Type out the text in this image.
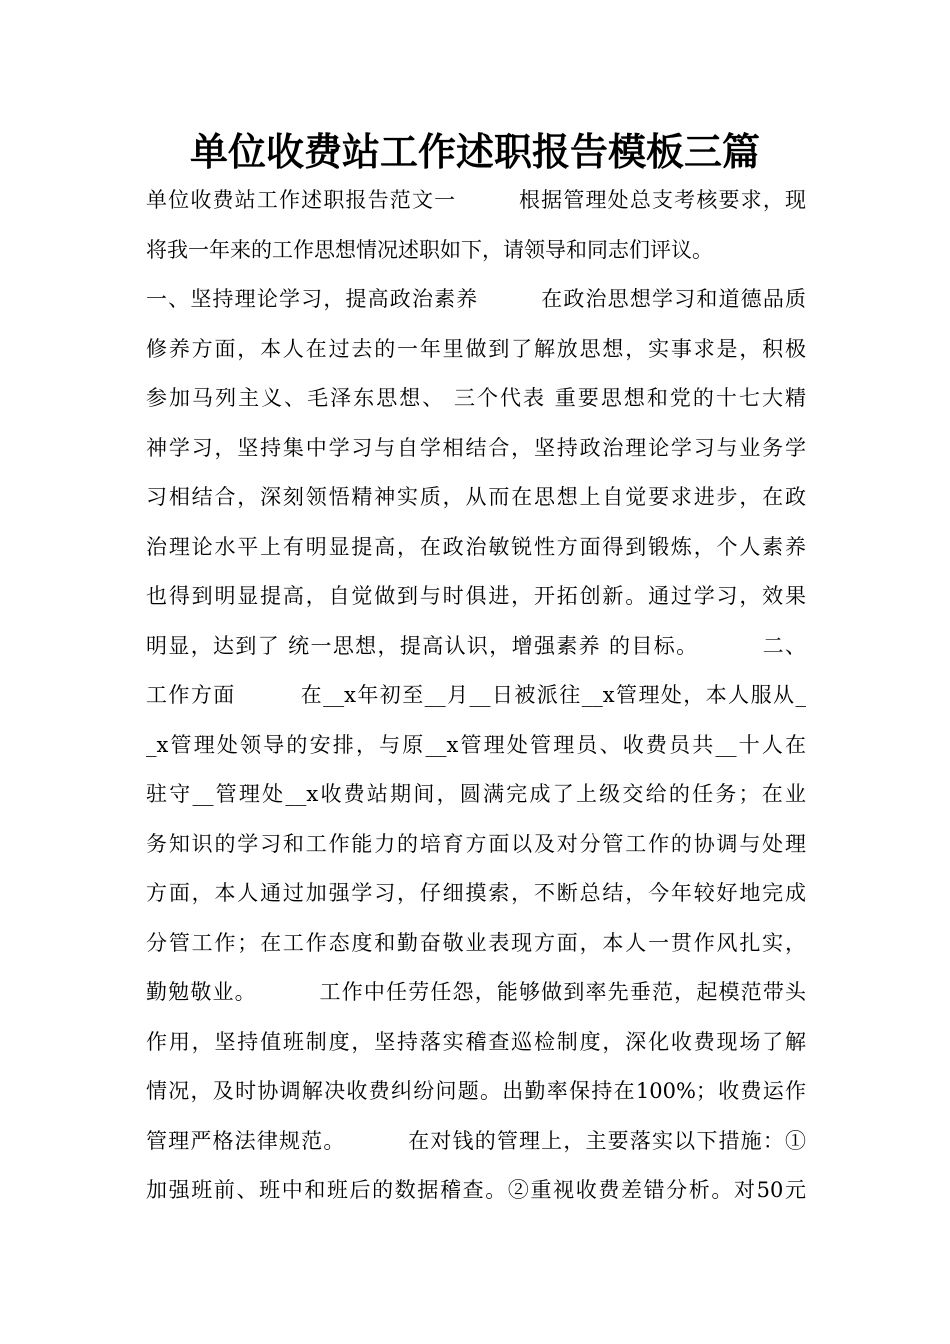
单位收费站工作述职报告模板三篇
单位收费站工作述职报告范文一        根据管理处总支考核要求，现
将我一年来的工作思想情况述职如下，请领导和同志们评议。
一、坚持理论学习，提高政治素养        在政治思想学习和道德品质
修养方面，本人在过去的一年里做到了解放思想，实事求是，积极
参加马列主义、毛泽东思想、 三个代表 重要思想和党的十七大精
神学习，坚持集中学习与自学相结合，坚持政治理论学习与业务学
习相结合，深刻领悟精神实质，从而在思想上自觉要求进步，在政
治理论水平上有明显提高，在政治敏锐性方面得到锻炼，个人素养
也得到明显提高，自觉做到与时俱进，开拓创新。通过学习，效果
明显，达到了 统一思想，提高认识，增强素养 的目标。        二、
工作方面        在__x年初至__月__日被派往__x管理处，本人服从_
_x管理处领导的安排，与原__x管理处管理员、收费员共__十人在
驻守__管理处__x收费站期间，圆满完成了上级交给的任务；在业
务知识的学习和工作能力的培育方面以及对分管工作的协调与处理
方面，本人通过加强学习，仔细摸索，不断总结，今年较好地完成
分管工作；在工作态度和勤奋敬业表现方面，本人一贯作风扎实，
勤勉敬业。        工作中任劳任怨，能够做到率先垂范，起模范带头
作用，坚持值班制度，坚持落实稽查巡检制度，深化收费现场了解
情况，及时协调解决收费纠纷问题。出勤率保持在100%；收费运作
管理严格法律规范。        在对钱的管理上，主要落实以下措施：①
加强班前、班中和班后的数据稽查。②重视收费差错分析。对50元
